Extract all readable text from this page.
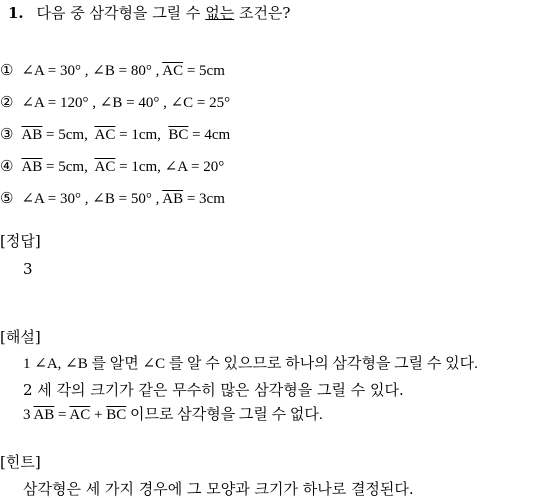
1. 다음 중 삼각형을 그릴 수 없는 조건은?
① ∠ A = 30° , ∠ B = 80° , $\overline{AC} = 5cm$
② ∠ A = 120° , ∠ B = 40° , ∠ C = 25°
③ $\overline{AB} = 5cm$,  $\overline{AC} = 1cm$,  $\overline{BC} = 4cm$
④ $\overline{AB} = 5cm$,  $\overline{AC} = 1cm$, ∠ A = 20°
⑤ ∠ A = 30° , ∠ B = 50° , $\overline{AB} = 3cm$
[정답]
3
[해설]
1 ∠ A, ∠ B 를 알면 ∠ C 를 알 수 있으므로 하나의 삼각형을 그릴 수 있다.
2 세 각의 크기가 같은 무수히 많은 삼각형을 그릴 수 있다.
3 $\overline{AB} = \overline{AC} + \overline{BC}$ 이므로 삼각형을 그릴 수 없다.
[힌트]
삼각형은 세 가지 경우에 그 모양과 크기가 하나로 결정된다.
